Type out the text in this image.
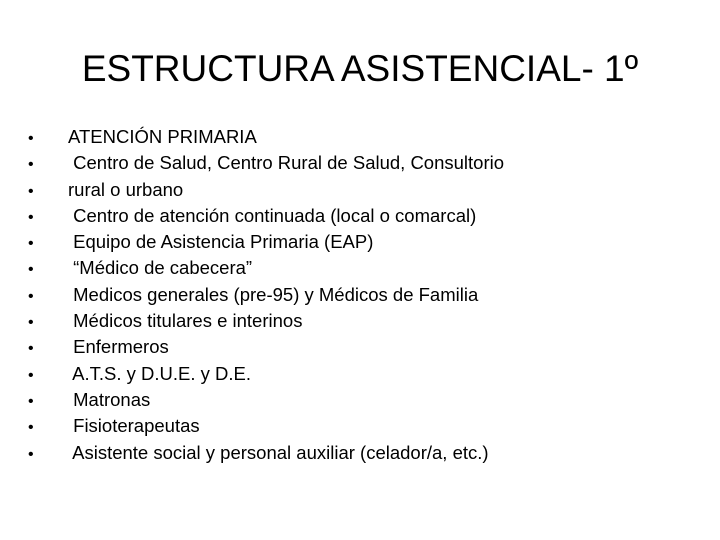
ESTRUCTURA ASISTENCIAL- 1º
•	ATENCIÓN PRIMARIA
•	Centro de Salud, Centro Rural de Salud, Consultorio
•	rural o urbano
•	Centro de atención continuada (local o comarcal)
•	Equipo de Asistencia Primaria (EAP)
•	“Médico de cabecera”
•	Medicos generales (pre-95) y Médicos de Familia
•	Médicos titulares e interinos
•	Enfermeros
•	A.T.S. y D.U.E. y D.E.
•	Matronas
•	Fisioterapeutas
•	Asistente social y personal auxiliar (celador/a, etc.)
